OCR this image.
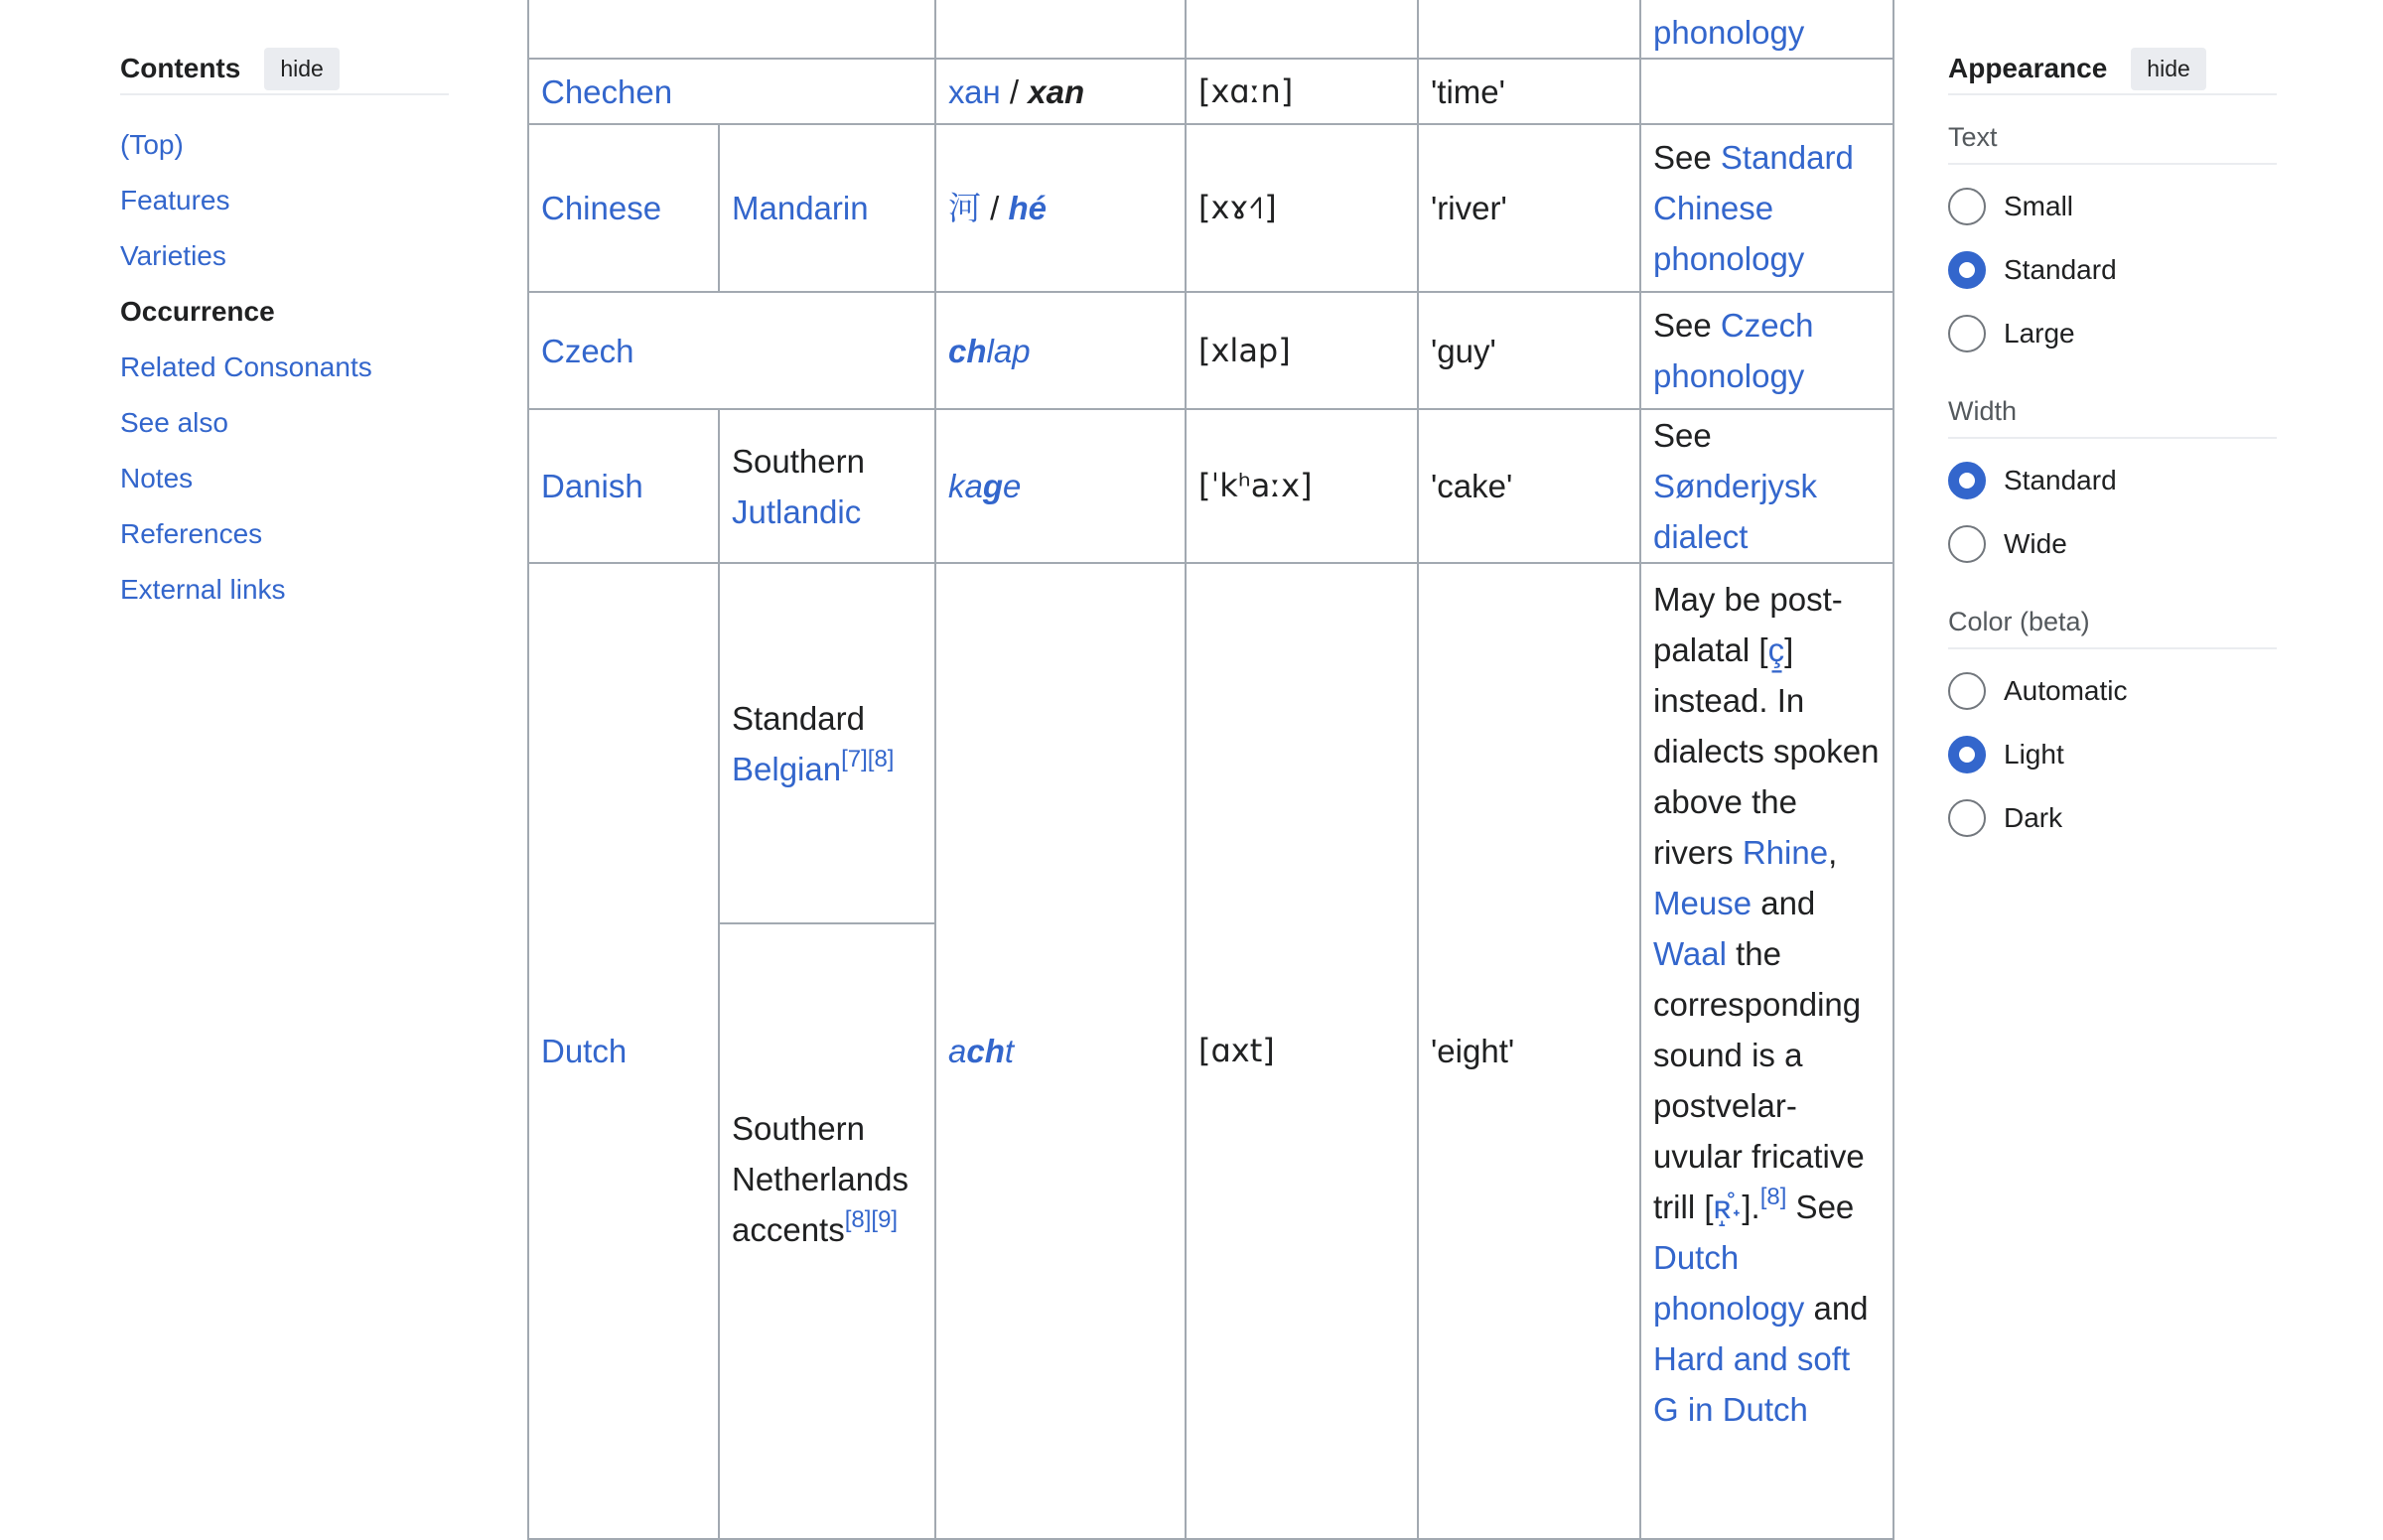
Contents	hide
(Top)
Features
Varieties
Occurrence
Related Consonants
See also
Notes
References
External links
					phonology
Chechen		хан / xan	[xɑːn]	'time'	
Chinese	Mandarin	河 / hé	[xɤ˧˥]	'river'	See Standard Chinese phonology
Czech		chlap	[xlap]	'guy'	See Czech phonology
Danish	Southern Jutlandic	kage	[ˈkʰaːx]	'cake'	See Sønderjysk dialect
Dutch	Standard Belgian[7][8]	acht	[ɑxt]	'eight'	May be post-palatal [ç̠] instead. In dialects spoken above the rivers Rhine, Meuse and Waal the corresponding sound is a postvelar-uvular fricative trill [ʀ̝̊˖].[8] See Dutch phonology and Hard and soft G in Dutch
	Southern Netherlands accents[8][9]
Appearance	hide
Text
Small
Standard
Large
Width
Standard
Wide
Color (beta)
Automatic
Light
Dark
